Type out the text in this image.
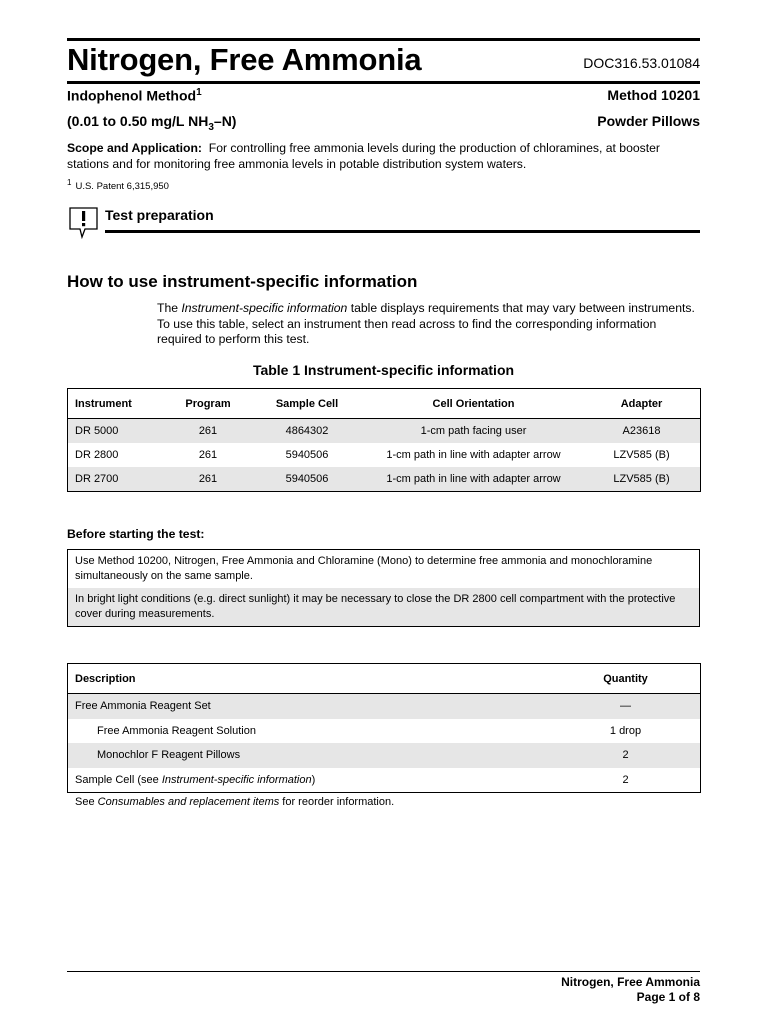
Nitrogen, Free Ammonia	DOC316.53.01084
Indophenol Method$^1$	Method 10201
(0.01 to 0.50 mg/L $NH_3-N$)	Powder Pillows
Scope and Application: For controlling free ammonia levels during the production of chloramines, at booster stations and for monitoring free ammonia levels in potable distribution system waters.
$^1$ U.S. Patent 6,315,950
Test preparation
How to use instrument-specific information
The Instrument-specific information table displays requirements that may vary between instruments. To use this table, select an instrument then read across to find the corresponding information required to perform this test.
Table 1 Instrument-specific information
Instrument	Program	Sample Cell	Cell Orientation	Adapter
DR 5000	261	4864302	1-cm path facing user	A23618
DR 2800	261	5940506	1-cm path in line with adapter arrow	LZV585 (B)
DR 2700	261	5940506	1-cm path in line with adapter arrow	LZV585 (B)
Before starting the test:
Use Method 10200, Nitrogen, Free Ammonia and Chloramine (Mono) to determine free ammonia and monochloramine simultaneously on the same sample.
In bright light conditions (e.g. direct sunlight) it may be necessary to close the DR 2800 cell compartment with the protective cover during measurements.
Description	Quantity
Free Ammonia Reagent Set	—
Free Ammonia Reagent Solution	1 drop
Monochlor F Reagent Pillows	2
Sample Cell (see Instrument-specific information)	2
See Consumables and replacement items for reorder information.
Nitrogen, Free Ammonia
Page 1 of 8
